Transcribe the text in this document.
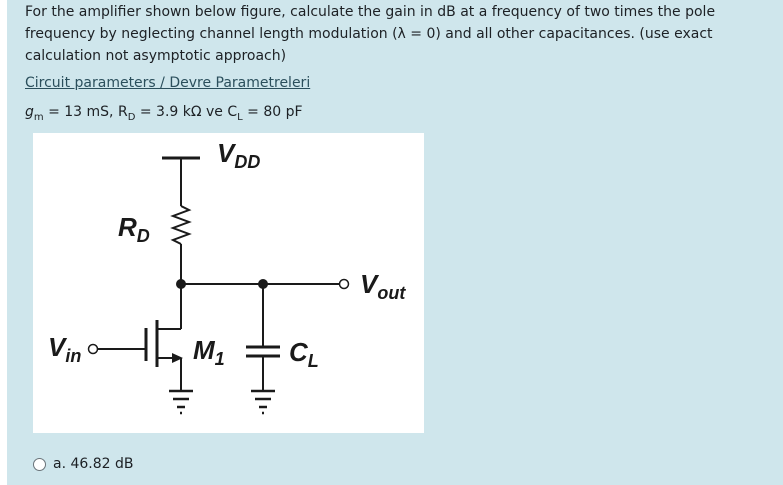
For the amplifier shown below figure, calculate the gain in dB at a frequency of two times the pole frequency by neglecting channel length modulation (λ = 0) and all other capacitances. (use exact calculation not asymptotic approach)
Circuit parameters / Devre Parametreleri
$g_m = 13$ mS, $R_D = 3.9$ kΩ ve $C_L = 80$ pF
$V_{DD}$
$R_D$
$V_{out}$
$M_1$
$V_{in}$	$C_L$
a. 46.82 dB
